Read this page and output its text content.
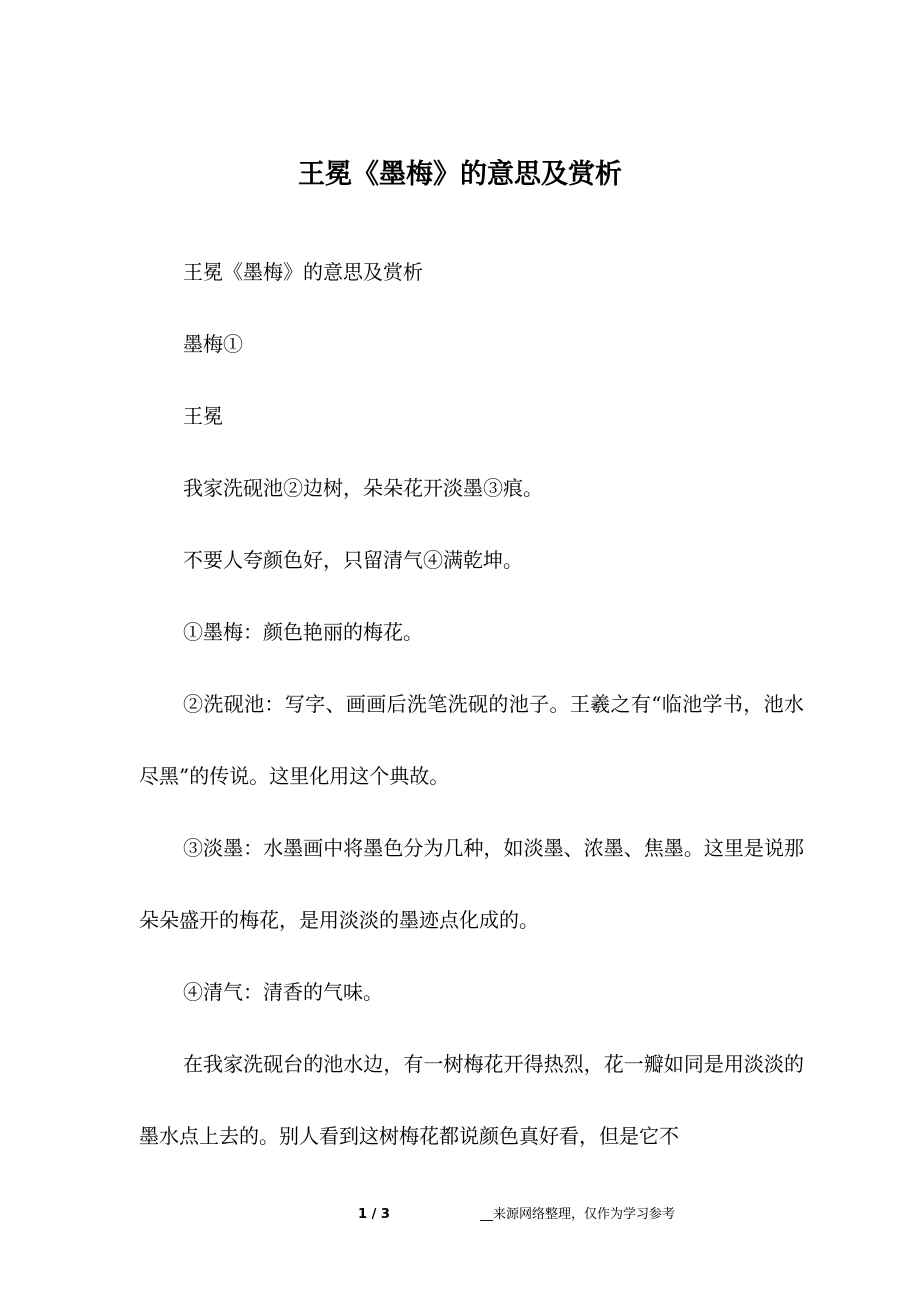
王冕《墨梅》的意思及赏析

王冕《墨梅》的意思及赏析

墨梅①

王冕

我家洗砚池②边树，朵朵花开淡墨③痕。

不要人夸颜色好，只留清气④满乾坤。

①墨梅：颜色艳丽的梅花。

②洗砚池：写字、画画后洗笔洗砚的池子。王羲之有“临池学书，池水尽黑”的传说。这里化用这个典故。

③淡墨：水墨画中将墨色分为几种，如淡墨、浓墨、焦墨。这里是说那朵朵盛开的梅花，是用淡淡的墨迹点化成的。

④清气：清香的气味。

在我家洗砚台的池水边，有一树梅花开得热烈，花一瓣如同是用淡淡的墨水点上去的。别人看到这树梅花都说颜色真好看，但是它不

1 / 3	__来源网络整理，仅作为学习参考
